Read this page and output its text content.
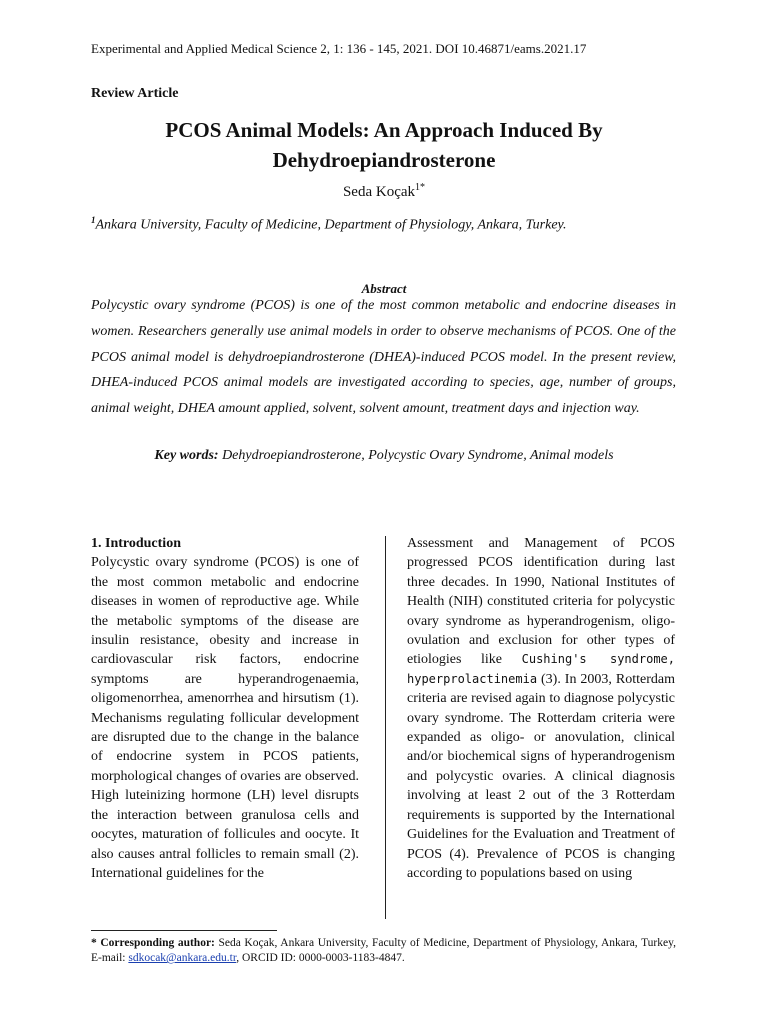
Experimental and Applied Medical Science 2, 1: 136 - 145, 2021. DOI 10.46871/eams.2021.17
Review Article
PCOS Animal Models: An Approach Induced By
Dehydroepiandrosterone
Seda Koçak$^{1*}$
$^1$Ankara University, Faculty of Medicine, Department of Physiology, Ankara, Turkey.
Abstract
Polycystic ovary syndrome (PCOS) is one of the most common metabolic and endocrine diseases in women. Researchers generally use animal models in order to observe mechanisms of PCOS. One of the PCOS animal model is dehydroepiandrosterone (DHEA)-induced PCOS model. In the present review, DHEA-induced PCOS animal models are investigated according to species, age, number of groups, animal weight, DHEA amount applied, solvent, solvent amount, treatment days and injection way.
Key words: Dehydroepiandrosterone, Polycystic Ovary Syndrome, Animal models
1. Introduction

Polycystic ovary syndrome (PCOS) is one of the most common metabolic and endocrine diseases in women of reproductive age. While the metabolic symptoms of the disease are insulin resistance, obesity and increase in cardiovascular risk factors, endocrine symptoms are hyperandrogenaemia, oligomenorrhea, amenorrhea and hirsutism (1). Mechanisms regulating follicular development are disrupted due to the change in the balance of endocrine system in PCOS patients, morphological changes of ovaries are observed. High luteinizing hormone (LH) level disrupts the interaction between granulosa cells and oocytes, maturation of follicules and oocyte. It also causes antral follicles to remain small (2). International guidelines for the

Assessment and Management of PCOS progressed PCOS identification during last three decades. In 1990, National Institutes of Health (NIH) constituted criteria for polycystic ovary syndrome as hyperandrogenism, oligo-ovulation and exclusion for other types of etiologies like Cushing's syndrome, hyperprolactinemia (3). In 2003, Rotterdam criteria are revised again to diagnose polycystic ovary syndrome. The Rotterdam criteria were expanded as oligo- or anovulation, clinical and/or biochemical signs of hyperandrogenism and polycystic ovaries. A clinical diagnosis involving at least 2 out of the 3 Rotterdam requirements is supported by the International Guidelines for the Evaluation and Treatment of PCOS (4). Prevalence of PCOS is changing according to populations based on using

* Corresponding author: Seda Koçak, Ankara University, Faculty of Medicine, Department of Physiology, Ankara, Turkey, E-mail: sdkocak@ankara.edu.tr, ORCID ID: 0000-0003-1183-4847.
